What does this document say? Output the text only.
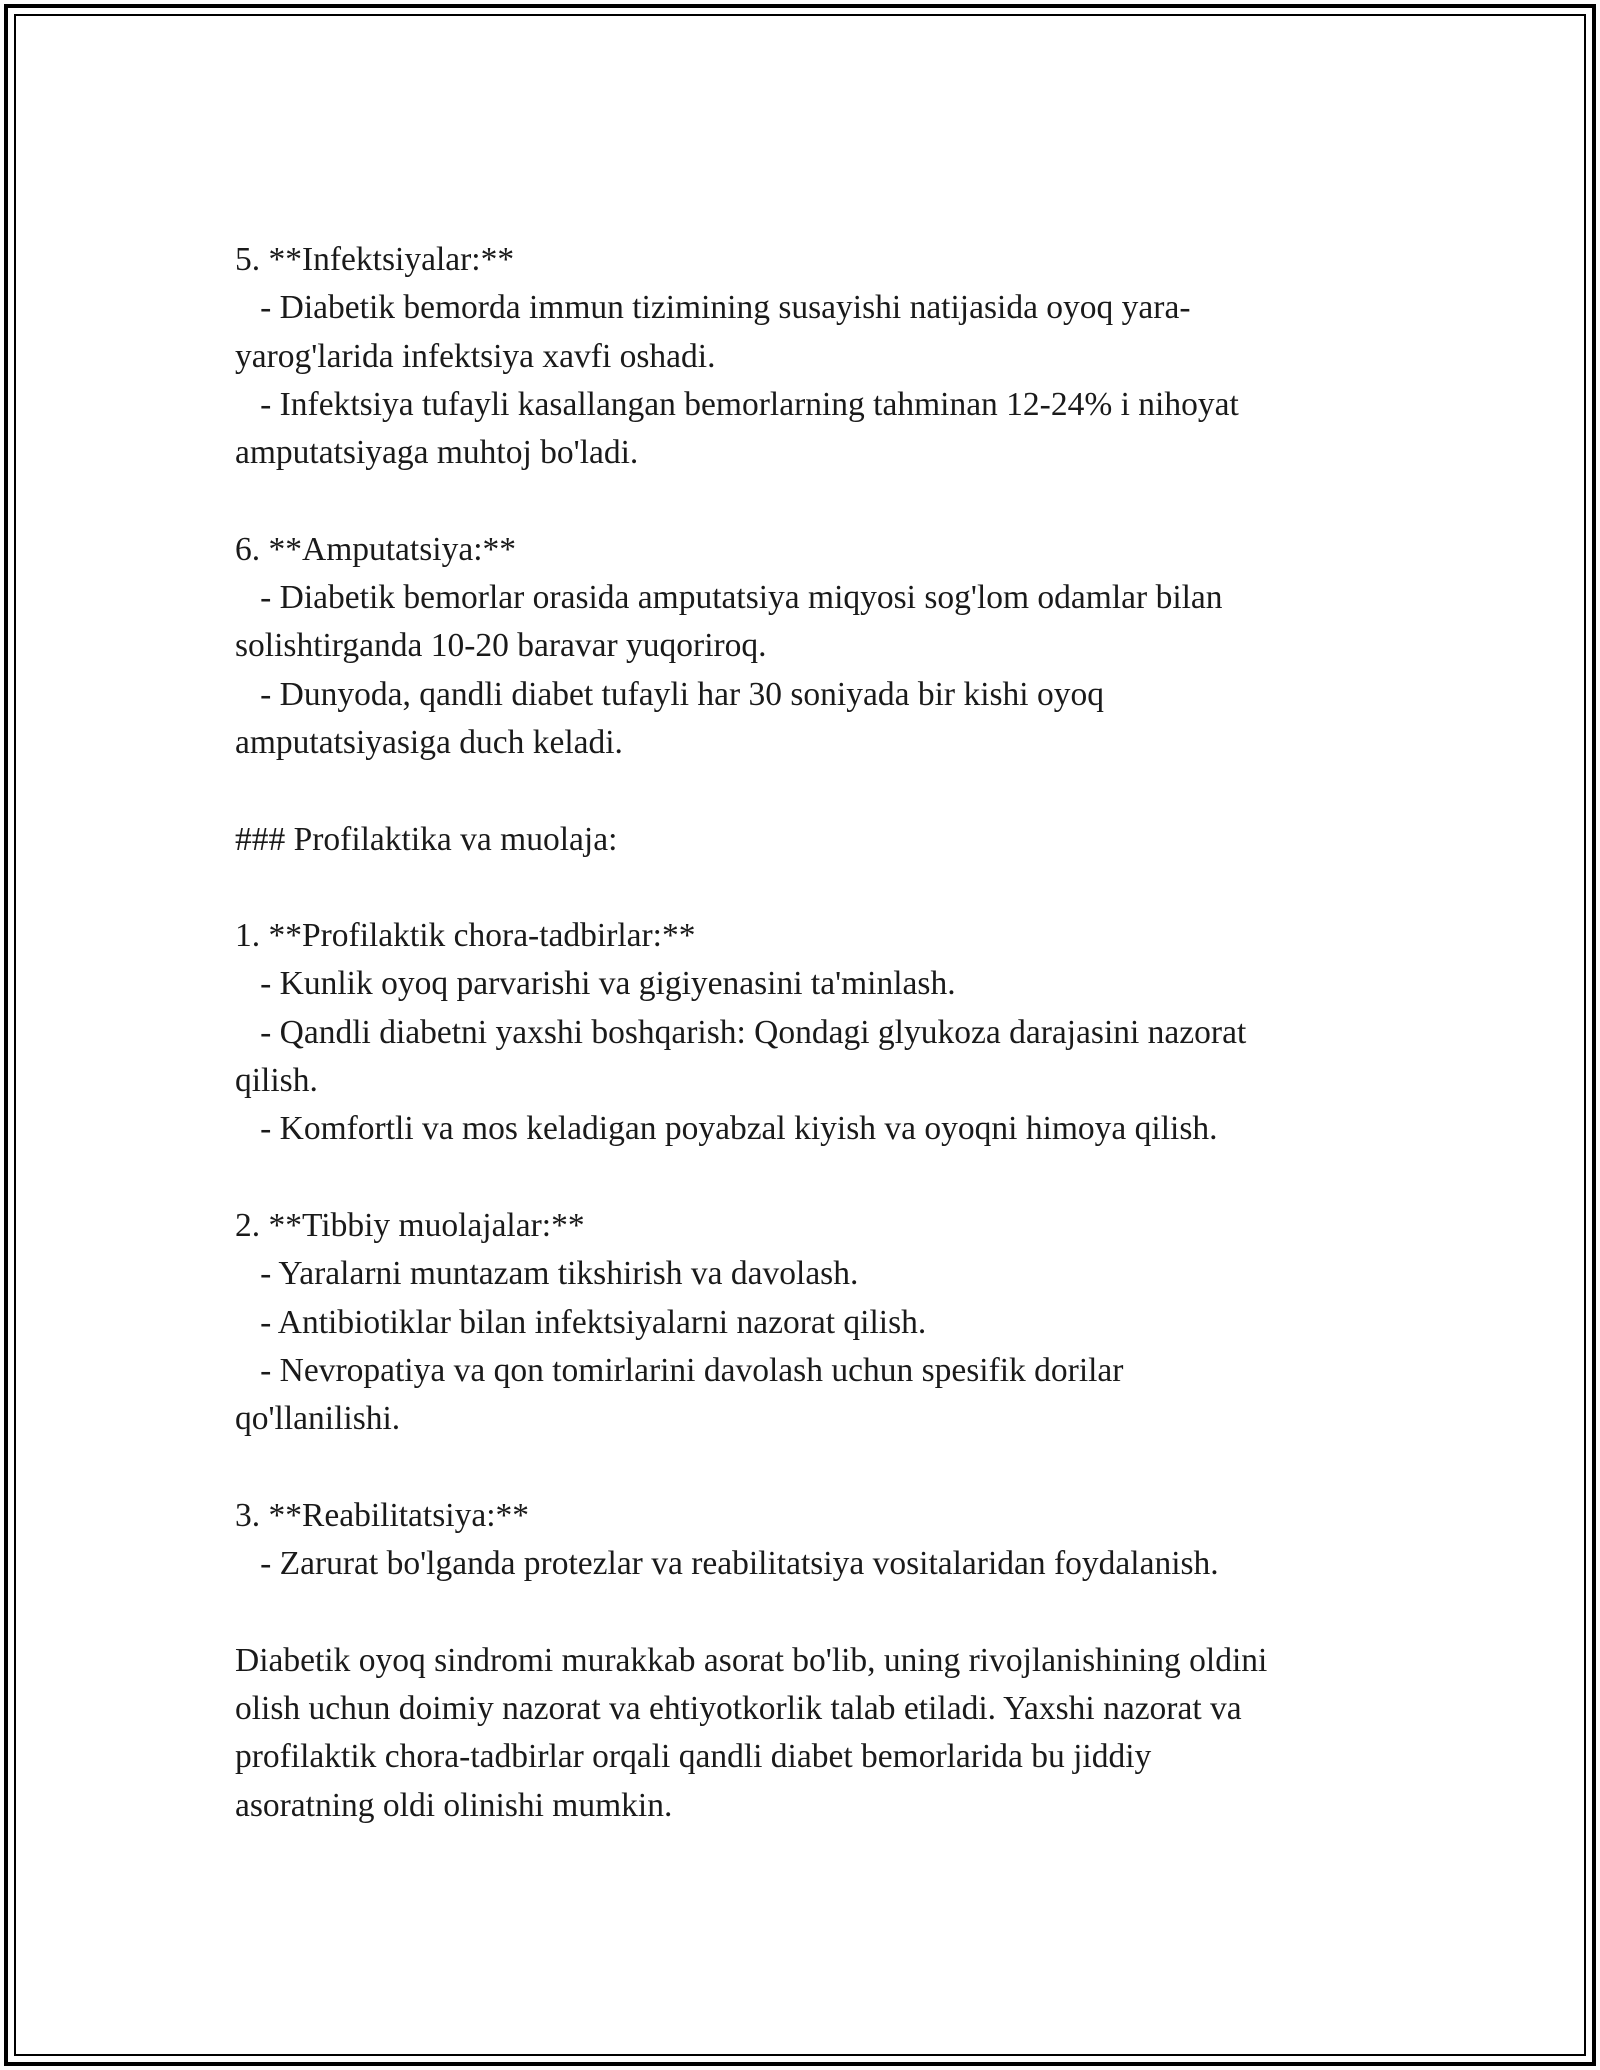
5. **Infektsiyalar:**
- Diabetik bemorda immun tizimining susayishi natijasida oyoq yara-
yarog'larida infektsiya xavfi oshadi.
- Infektsiya tufayli kasallangan bemorlarning tahminan 12-24% i nihoyat
amputatsiyaga muhtoj bo'ladi.
6. **Amputatsiya:**
- Diabetik bemorlar orasida amputatsiya miqyosi sog'lom odamlar bilan
solishtirganda 10-20 baravar yuqoriroq.
- Dunyoda, qandli diabet tufayli har 30 soniyada bir kishi oyoq
amputatsiyasiga duch keladi.
### Profilaktika va muolaja:
1. **Profilaktik chora-tadbirlar:**
- Kunlik oyoq parvarishi va gigiyenasini ta'minlash.
- Qandli diabetni yaxshi boshqarish: Qondagi glyukoza darajasini nazorat
qilish.
- Komfortli va mos keladigan poyabzal kiyish va oyoqni himoya qilish.
2. **Tibbiy muolajalar:**
- Yaralarni muntazam tikshirish va davolash.
- Antibiotiklar bilan infektsiyalarni nazorat qilish.
- Nevropatiya va qon tomirlarini davolash uchun spesifik dorilar
qo'llanilishi.
3. **Reabilitatsiya:**
- Zarurat bo'lganda protezlar va reabilitatsiya vositalaridan foydalanish.
Diabetik oyoq sindromi murakkab asorat bo'lib, uning rivojlanishining oldini
olish uchun doimiy nazorat va ehtiyotkorlik talab etiladi. Yaxshi nazorat va
profilaktik chora-tadbirlar orqali qandli diabet bemorlarida bu jiddiy
asoratning oldi olinishi mumkin.
